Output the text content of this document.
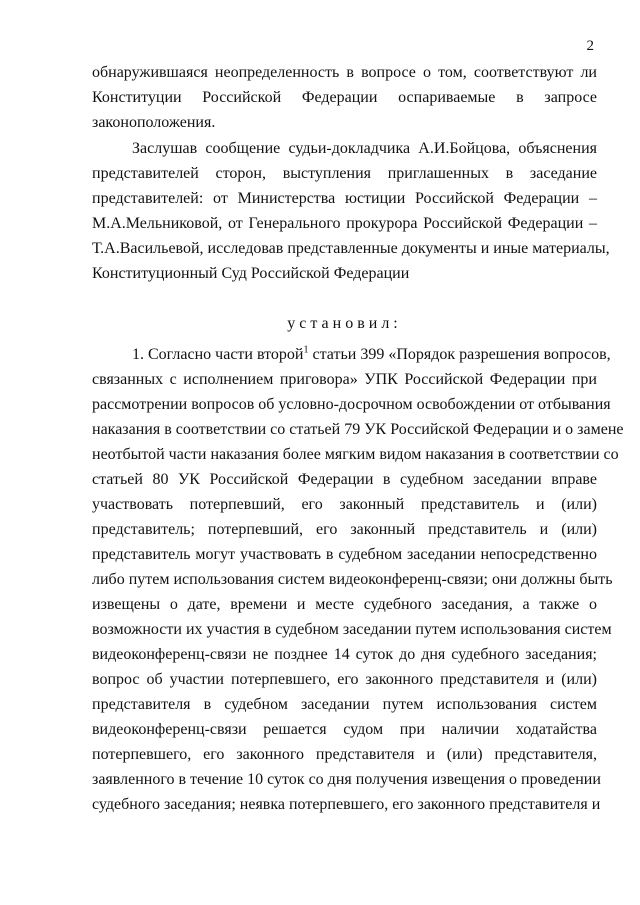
2
обнаружившаяся неопределенность в вопросе о том, соответствуют ли
Конституции Российской Федерации оспариваемые в запросе
законоположения.
Заслушав сообщение судьи-докладчика А.И.Бойцова, объяснения
представителей сторон, выступления приглашенных в заседание
представителей: от Министерства юстиции Российской Федерации –
М.А.Мельниковой, от Генерального прокурора Российской Федерации –
Т.А.Васильевой, исследовав представленные документы и иные материалы,
Конституционный Суд Российской Федерации
установил:
1. Согласно части второй$^1$ статьи 399 «Порядок разрешения вопросов,
связанных с исполнением приговора» УПК Российской Федерации при
рассмотрении вопросов об условно-досрочном освобождении от отбывания
наказания в соответствии со статьей 79 УК Российской Федерации и о замене
неотбытой части наказания более мягким видом наказания в соответствии со
статьей 80 УК Российской Федерации в судебном заседании вправе
участвовать потерпевший, его законный представитель и (или)
представитель; потерпевший, его законный представитель и (или)
представитель могут участвовать в судебном заседании непосредственно
либо путем использования систем видеоконференц-связи; они должны быть
извещены о дате, времени и месте судебного заседания, а также о
возможности их участия в судебном заседании путем использования систем
видеоконференц-связи не позднее 14 суток до дня судебного заседания;
вопрос об участии потерпевшего, его законного представителя и (или)
представителя в судебном заседании путем использования систем
видеоконференц-связи решается судом при наличии ходатайства
потерпевшего, его законного представителя и (или) представителя,
заявленного в течение 10 суток со дня получения извещения о проведении
судебного заседания; неявка потерпевшего, его законного представителя и
